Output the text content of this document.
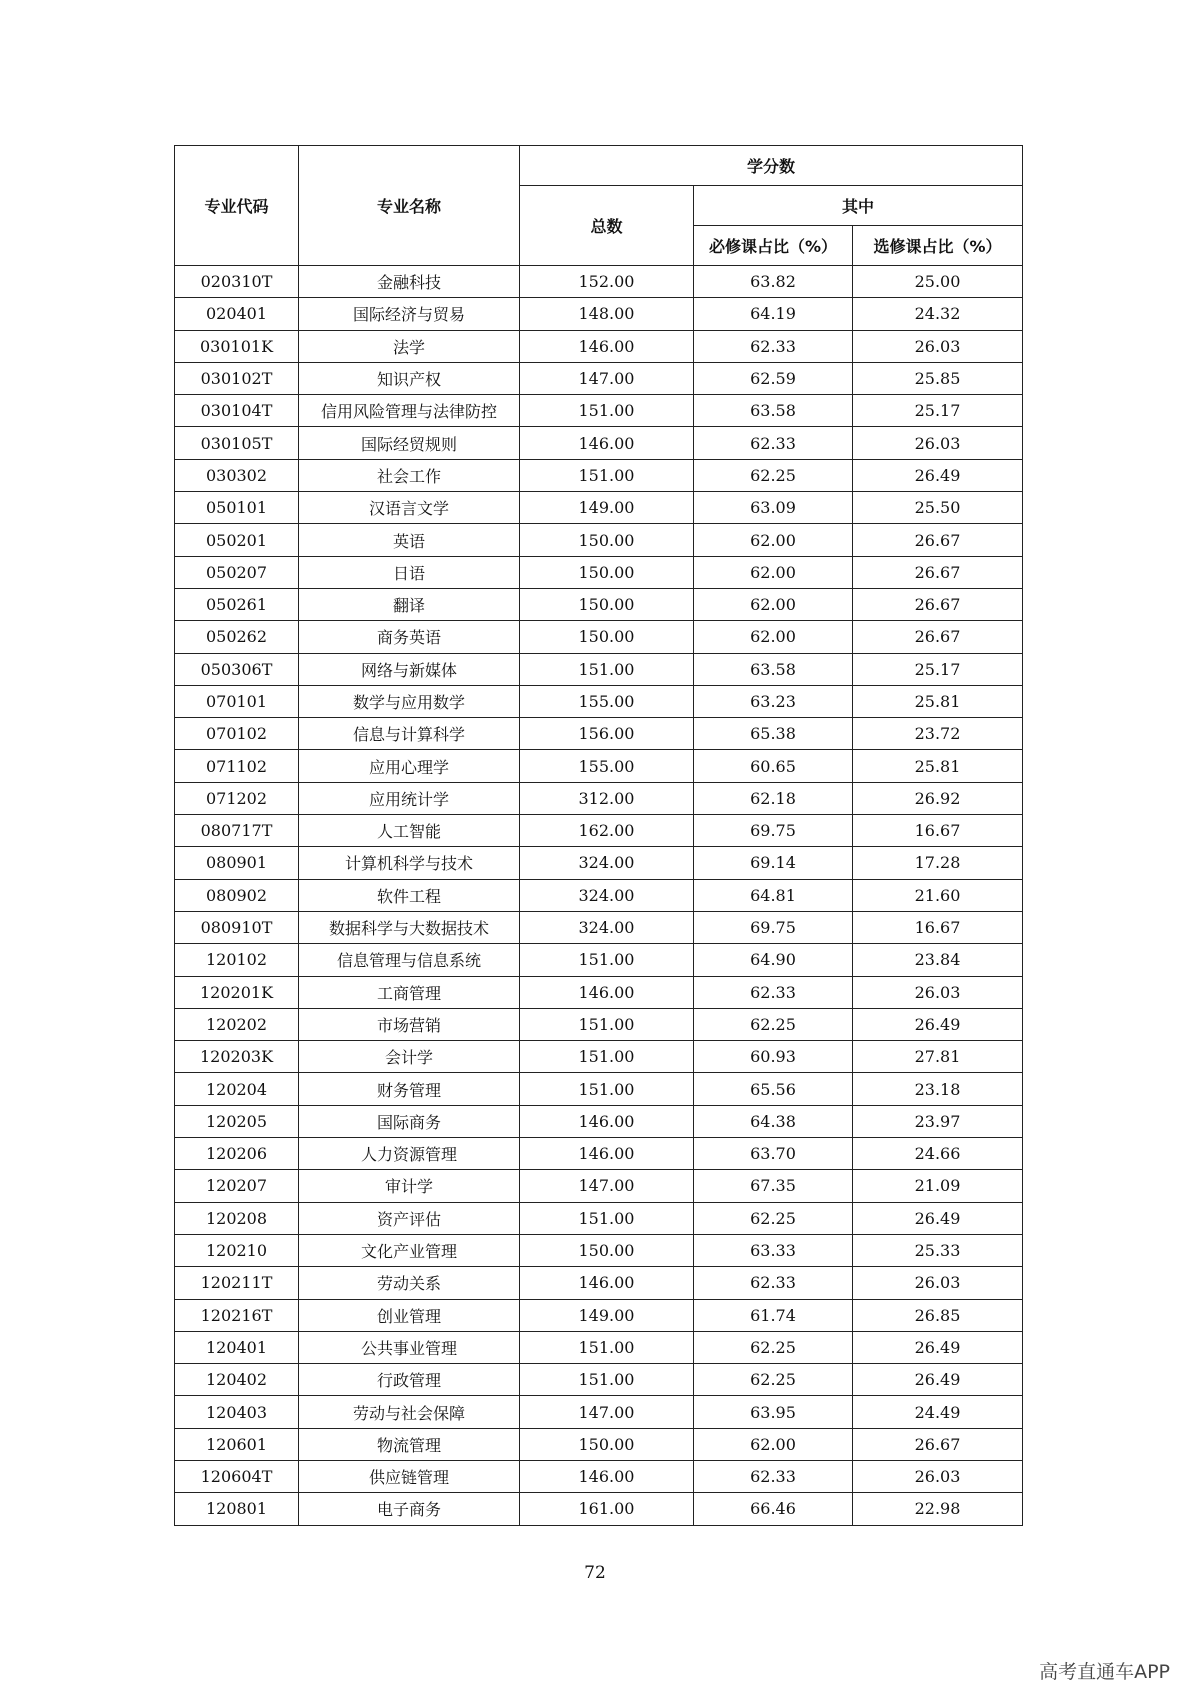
专业代码	专业名称	学分数		
		总数	其中	
			必修课占比（%）	选修课占比（%）
020310T	金融科技	152.00	63.82	25.00
020401	国际经济与贸易	148.00	64.19	24.32
030101K	法学	146.00	62.33	26.03
030102T	知识产权	147.00	62.59	25.85
030104T	信用风险管理与法律防控	151.00	63.58	25.17
030105T	国际经贸规则	146.00	62.33	26.03
030302	社会工作	151.00	62.25	26.49
050101	汉语言文学	149.00	63.09	25.50
050201	英语	150.00	62.00	26.67
050207	日语	150.00	62.00	26.67
050261	翻译	150.00	62.00	26.67
050262	商务英语	150.00	62.00	26.67
050306T	网络与新媒体	151.00	63.58	25.17
070101	数学与应用数学	155.00	63.23	25.81
070102	信息与计算科学	156.00	65.38	23.72
071102	应用心理学	155.00	60.65	25.81
071202	应用统计学	312.00	62.18	26.92
080717T	人工智能	162.00	69.75	16.67
080901	计算机科学与技术	324.00	69.14	17.28
080902	软件工程	324.00	64.81	21.60
080910T	数据科学与大数据技术	324.00	69.75	16.67
120102	信息管理与信息系统	151.00	64.90	23.84
120201K	工商管理	146.00	62.33	26.03
120202	市场营销	151.00	62.25	26.49
120203K	会计学	151.00	60.93	27.81
120204	财务管理	151.00	65.56	23.18
120205	国际商务	146.00	64.38	23.97
120206	人力资源管理	146.00	63.70	24.66
120207	审计学	147.00	67.35	21.09
120208	资产评估	151.00	62.25	26.49
120210	文化产业管理	150.00	63.33	25.33
120211T	劳动关系	146.00	62.33	26.03
120216T	创业管理	149.00	61.74	26.85
120401	公共事业管理	151.00	62.25	26.49
120402	行政管理	151.00	62.25	26.49
120403	劳动与社会保障	147.00	63.95	24.49
120601	物流管理	150.00	62.00	26.67
120604T	供应链管理	146.00	62.33	26.03
120801	电子商务	161.00	66.46	22.98
72
高考直通车APP
